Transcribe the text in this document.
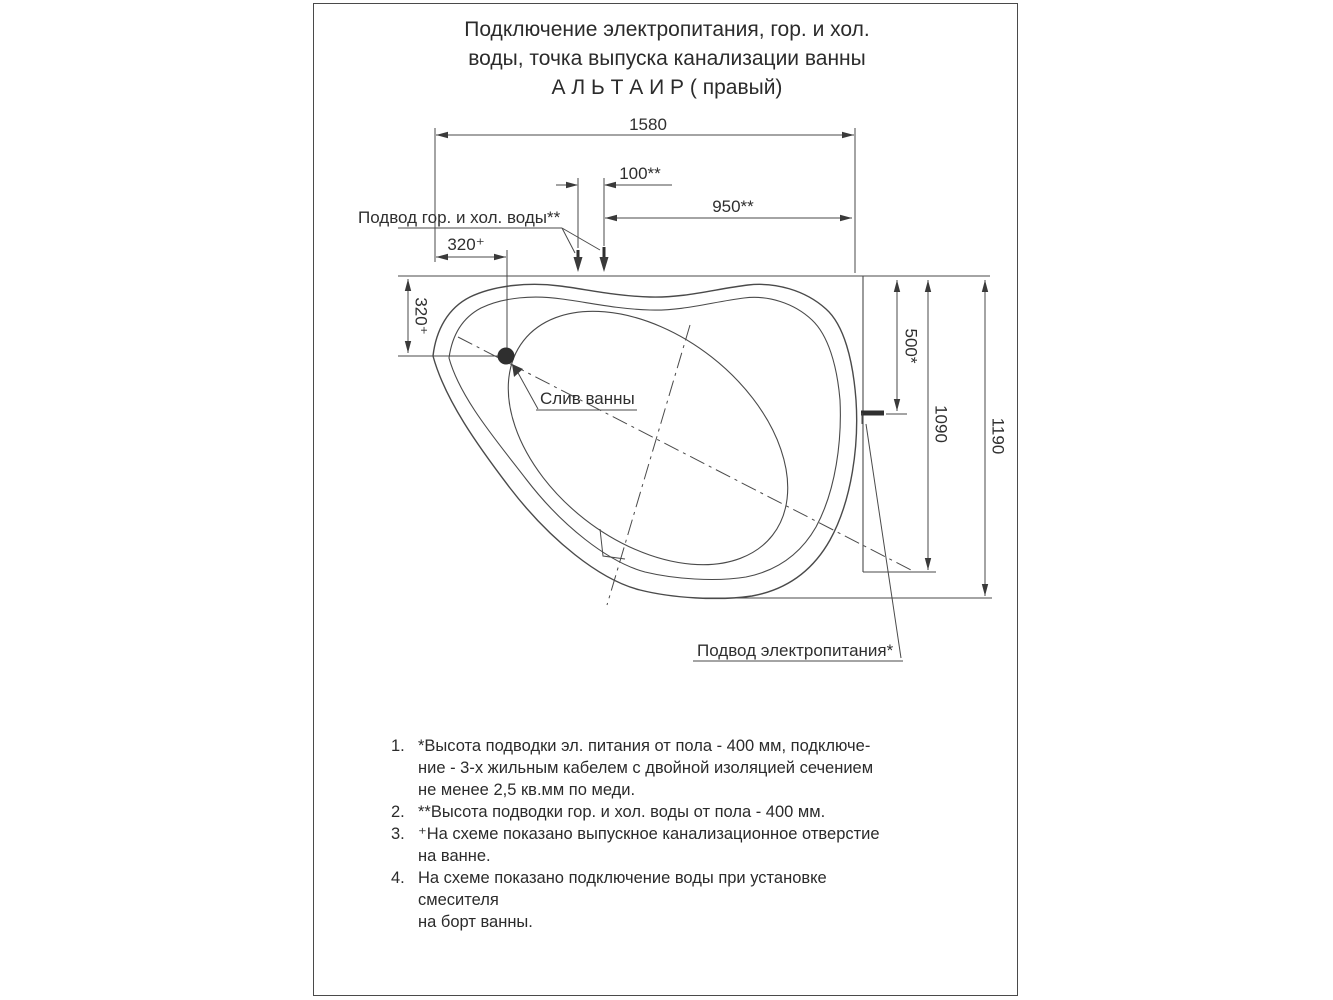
Подключение электропитания, гор. и хол.
воды, точка выпуска канализации ванны
А Л Ь Т А И Р ( правый)
1580
100**
950**
320⁺
320⁺
500*
1090 1190
Подвод гор. и хол. воды**
Слив ванны
Подвод электропитания*
1. *Высота подводки эл. питания от пола - 400 мм, подключе-
ние - 3-х жильным кабелем с двойной изоляцией сечением
не менее 2,5 кв.мм по меди.
2. **Высота подводки гор. и хол. воды от пола - 400 мм.
3. ⁺На схеме показано выпускное канализационное отверстие
на ванне.
4. На схеме показано подключение воды при установке смесителя
на борт ванны.
